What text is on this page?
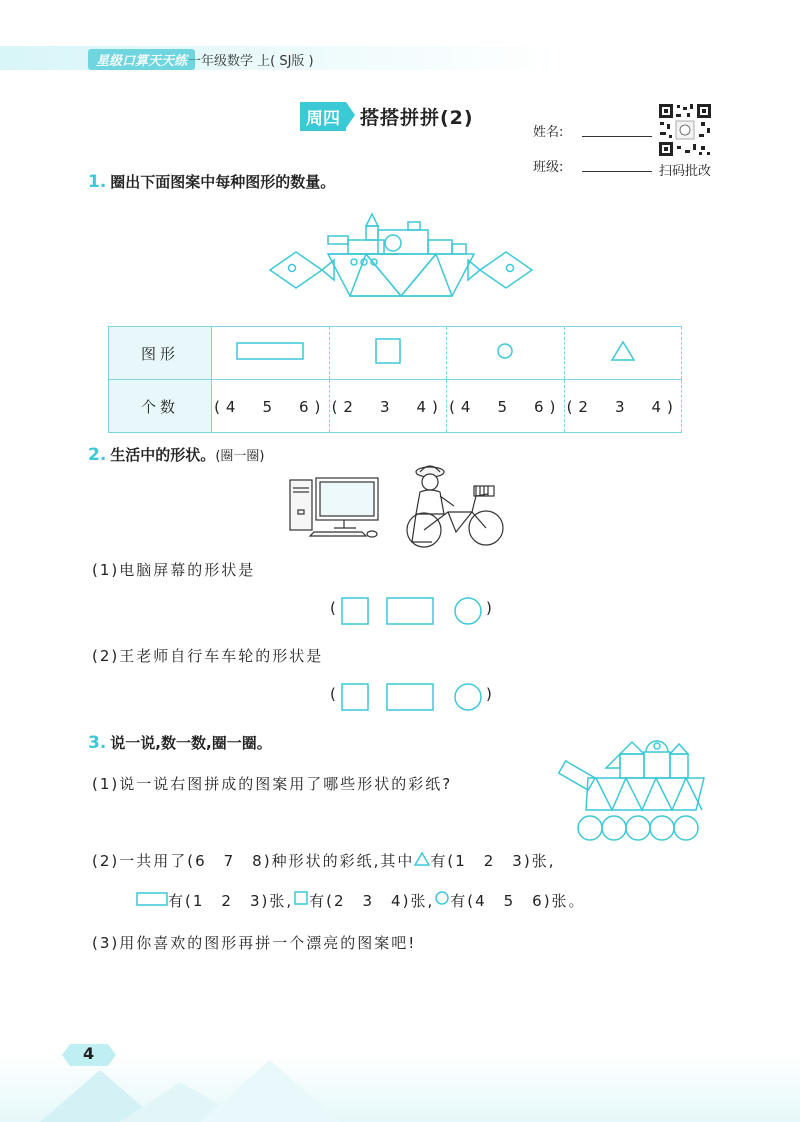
星级口算天天练 一年级数学 上( SJ版 )
周四	搭搭拼拼(2)
姓名:
班级:	扫码批改
1. 圈出下面图案中每种图形的数量。
图形				
个数	(4　5　6)	(2　3　4)	(4　5　6)	(2　3　4)
2. 生活中的形状。(圈一圈)
(1)电脑屏幕的形状是
(	)
(2)王老师自行车车轮的形状是
(	)
3. 说一说,数一数,圈一圈。
(1)说一说右图拼成的图案用了哪些形状的彩纸?
(2)一共用了(6　7　8)种形状的彩纸,其中 有(1　2　3)张,
有(1　2　3)张, 有(2　3　4)张, 有(4　5　6)张。
(3)用你喜欢的图形再拼一个漂亮的图案吧!
4
